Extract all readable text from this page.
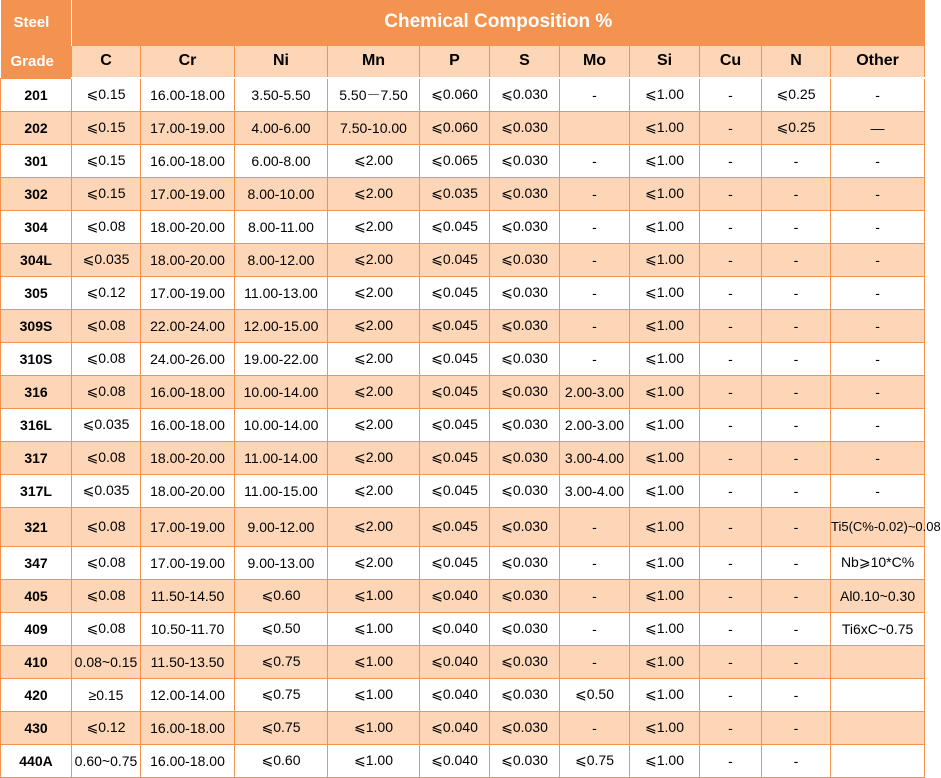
Steel	Chemical Composition %										
Grade	C	Cr	Ni	Mn	P	S	Mo	Si	Cu	N	Other
201	⩽0.15	16.00-18.00	3.50-5.50	5.50－7.50	⩽0.060	⩽0.030	-	⩽1.00	-	⩽0.25	-
202	⩽0.15	17.00-19.00	4.00-6.00	7.50-10.00	⩽0.060	⩽0.030		⩽1.00	-	⩽0.25	—
301	⩽0.15	16.00-18.00	6.00-8.00	⩽2.00	⩽0.065	⩽0.030	-	⩽1.00	-	-	-
302	⩽0.15	17.00-19.00	8.00-10.00	⩽2.00	⩽0.035	⩽0.030	-	⩽1.00	-	-	-
304	⩽0.08	18.00-20.00	8.00-11.00	⩽2.00	⩽0.045	⩽0.030	-	⩽1.00	-	-	-
304L	⩽0.035	18.00-20.00	8.00-12.00	⩽2.00	⩽0.045	⩽0.030	-	⩽1.00	-	-	-
305	⩽0.12	17.00-19.00	11.00-13.00	⩽2.00	⩽0.045	⩽0.030	-	⩽1.00	-	-	-
309S	⩽0.08	22.00-24.00	12.00-15.00	⩽2.00	⩽0.045	⩽0.030	-	⩽1.00	-	-	-
310S	⩽0.08	24.00-26.00	19.00-22.00	⩽2.00	⩽0.045	⩽0.030	-	⩽1.00	-	-	-
316	⩽0.08	16.00-18.00	10.00-14.00	⩽2.00	⩽0.045	⩽0.030	2.00-3.00	⩽1.00	-	-	-
316L	⩽0.035	16.00-18.00	10.00-14.00	⩽2.00	⩽0.045	⩽0.030	2.00-3.00	⩽1.00	-	-	-
317	⩽0.08	18.00-20.00	11.00-14.00	⩽2.00	⩽0.045	⩽0.030	3.00-4.00	⩽1.00	-	-	-
317L	⩽0.035	18.00-20.00	11.00-15.00	⩽2.00	⩽0.045	⩽0.030	3.00-4.00	⩽1.00	-	-	-
321	⩽0.08	17.00-19.00	9.00-12.00	⩽2.00	⩽0.045	⩽0.030	-	⩽1.00	-	-	Ti5(C%-0.02)~0.08
347	⩽0.08	17.00-19.00	9.00-13.00	⩽2.00	⩽0.045	⩽0.030	-	⩽1.00	-	-	Nb⩾10*C%
405	⩽0.08	11.50-14.50	⩽0.60	⩽1.00	⩽0.040	⩽0.030	-	⩽1.00	-	-	Al0.10~0.30
409	⩽0.08	10.50-11.70	⩽0.50	⩽1.00	⩽0.040	⩽0.030	-	⩽1.00	-	-	Ti6xC~0.75
410	0.08~0.15	11.50-13.50	⩽0.75	⩽1.00	⩽0.040	⩽0.030	-	⩽1.00	-	-	
420	≥0.15	12.00-14.00	⩽0.75	⩽1.00	⩽0.040	⩽0.030	⩽0.50	⩽1.00	-	-	
430	⩽0.12	16.00-18.00	⩽0.75	⩽1.00	⩽0.040	⩽0.030	-	⩽1.00	-	-	
440A	0.60~0.75	16.00-18.00	⩽0.60	⩽1.00	⩽0.040	⩽0.030	⩽0.75	⩽1.00	-	-	
